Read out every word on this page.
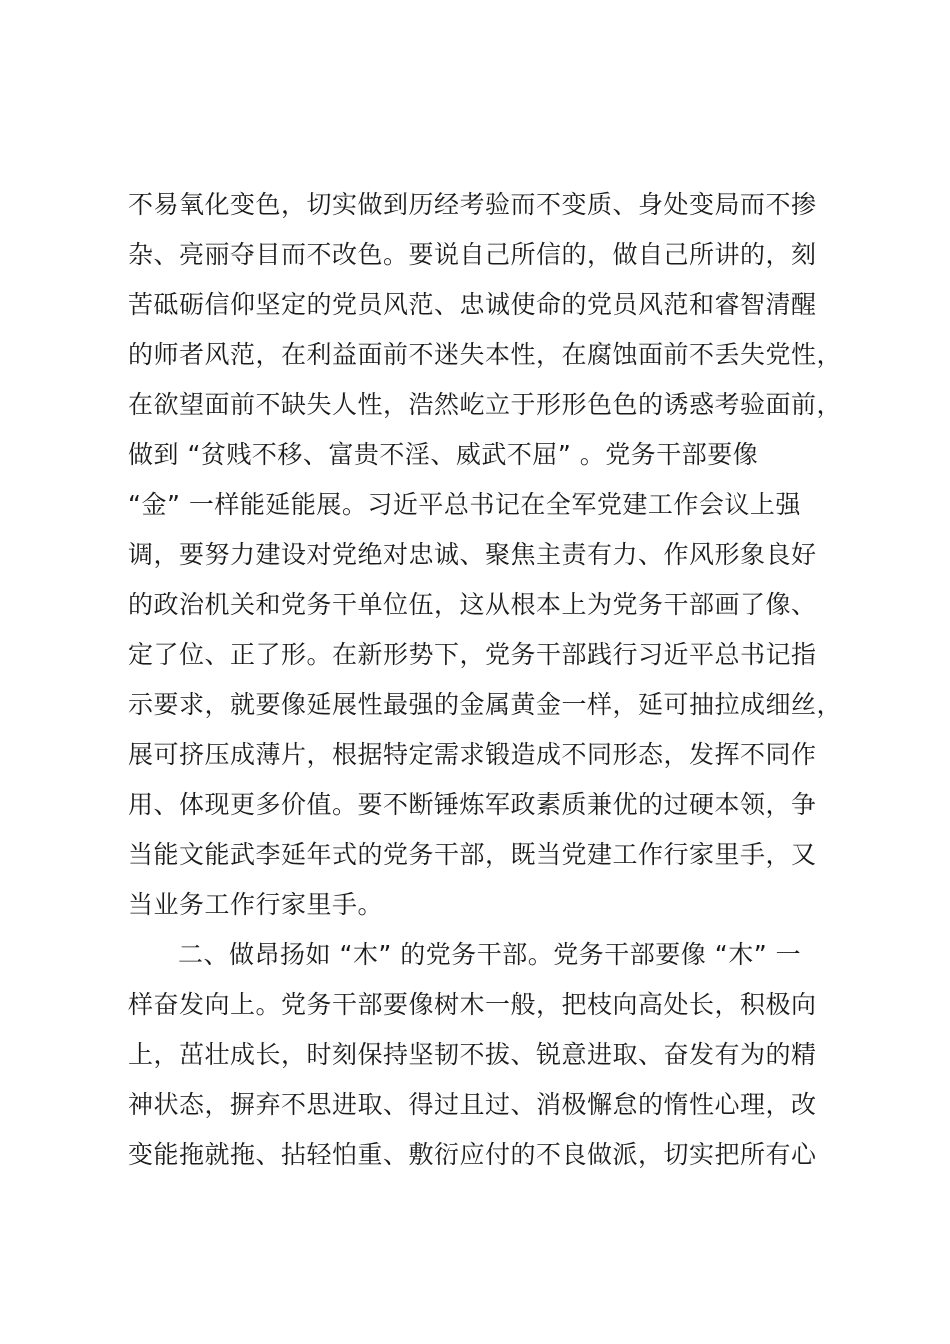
不易氧化变色，切实做到历经考验而不变质、身处变局而不掺
杂、亮丽夺目而不改色。要说自己所信的，做自己所讲的，刻
苦砥砺信仰坚定的党员风范、忠诚使命的党员风范和睿智清醒
的师者风范，在利益面前不迷失本性，在腐蚀面前不丢失党性，
在欲望面前不缺失人性，浩然屹立于形形色色的诱惑考验面前，
做到 “贫贱不移、富贵不淫、威武不屈” 。党务干部要像
“金” 一样能延能展。习近平总书记在全军党建工作会议上强
调，要努力建设对党绝对忠诚、聚焦主责有力、作风形象良好
的政治机关和党务干单位伍，这从根本上为党务干部画了像、
定了位、正了形。在新形势下，党务干部践行习近平总书记指
示要求，就要像延展性最强的金属黄金一样，延可抽拉成细丝，
展可挤压成薄片，根据特定需求锻造成不同形态，发挥不同作
用、体现更多价值。要不断锤炼军政素质兼优的过硬本领，争
当能文能武李延年式的党务干部，既当党建工作行家里手，又
当业务工作行家里手。
二、做昂扬如 “木” 的党务干部。党务干部要像 “木” 一
样奋发向上。党务干部要像树木一般，把枝向高处长，积极向
上，茁壮成长，时刻保持坚韧不拔、锐意进取、奋发有为的精
神状态，摒弃不思进取、得过且过、消极懈怠的惰性心理，改
变能拖就拖、拈轻怕重、敷衍应付的不良做派，切实把所有心
